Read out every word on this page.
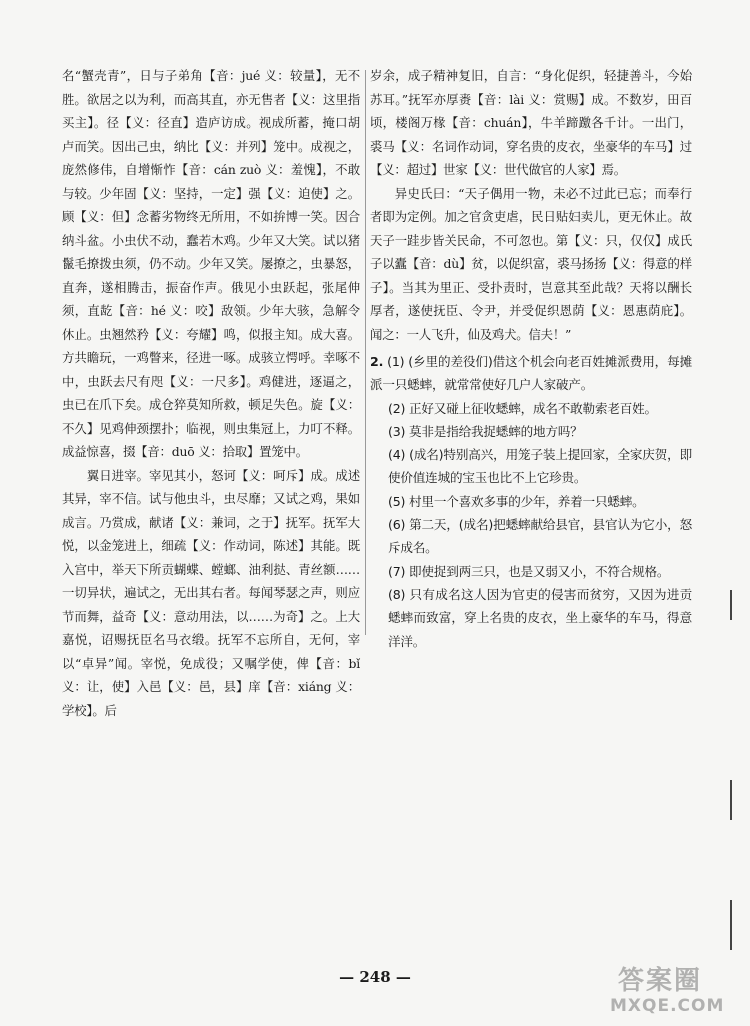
名“蟹壳青”，日与子弟角【音：jué 义：较量】，无不胜。欲居之以为利，而高其直，亦无售者【义：这里指买主】。径【义：径直】造庐访成。视成所蓄，掩口胡卢而笑。因出己虫，纳比【义：并列】笼中。成视之，庞然修伟，自增惭怍【音：cán zuò 义：羞愧】，不敢与较。少年固【义：坚持，一定】强【义：迫使】之。顾【义：但】念蓄劣物终无所用，不如拚博一笑。因合纳斗盆。小虫伏不动，蠢若木鸡。少年又大笑。试以猪鬣毛撩拨虫须，仍不动。少年又笑。屡撩之，虫暴怒，直奔，遂相腾击，振奋作声。俄见小虫跃起，张尾伸须，直龁【音：hé 义：咬】敌领。少年大骇，急解令休止。虫翘然矜【义：夸耀】鸣，似报主知。成大喜。方共瞻玩，一鸡瞥来，径进一啄。成骇立愕呼。幸啄不中，虫跃去尺有咫【义：一尺多】。鸡健进，逐逼之，虫已在爪下矣。成仓猝莫知所救，顿足失色。旋【义：不久】见鸡伸颈摆扑；临视，则虫集冠上，力叮不释。成益惊喜，掇【音：duō 义：拾取】置笼中。

翼日进宰。宰见其小，怒诃【义：呵斥】成。成述其异，宰不信。试与他虫斗，虫尽靡；又试之鸡，果如成言。乃赏成，献诸【义：兼词，之于】抚军。抚军大悦，以金笼进上，细疏【义：作动词，陈述】其能。既入宫中，举天下所贡蝴蝶、螳螂、油利挞、青丝额……一切异状，遍试之，无出其右者。每闻琴瑟之声，则应节而舞，益奇【义：意动用法，以……为奇】之。上大嘉悦，诏赐抚臣名马衣缎。抚军不忘所自，无何，宰以“卓异”闻。宰悦，免成役；又嘱学使，俾【音：bǐ 义：让，使】入邑【义：邑，县】庠【音：xiáng 义：学校】。后

岁余，成子精神复旧，自言：“身化促织，轻捷善斗，今始苏耳。”抚军亦厚赉【音：lài 义：赏赐】成。不数岁，田百顷，楼阁万椽【音：chuán】，牛羊蹄躈各千计。一出门，裘马【义：名词作动词，穿名贵的皮衣，坐豪华的车马】过【义：超过】世家【义：世代做官的人家】焉。

异史氏曰：“天子偶用一物，未必不过此已忘；而奉行者即为定例。加之官贪吏虐，民日贴妇卖儿，更无休止。故天子一跬步皆关民命，不可忽也。第【义：只，仅仅】成氏子以蠹【音：dù】贫，以促织富，裘马扬扬【义：得意的样子】。当其为里正、受扑责时，岂意其至此哉？天将以酬长厚者，遂使抚臣、令尹，并受促织恩荫【义：恩惠荫庇】。闻之：一人飞升，仙及鸡犬。信夫！”

2. (1) (乡里的差役们)借这个机会向老百姓摊派费用，每摊派一只蟋蟀，就常常使好几户人家破产。

(2) 正好又碰上征收蟋蟀，成名不敢勒索老百姓。

(3) 莫非是指给我捉蟋蟀的地方吗？

(4) (成名)特别高兴，用笼子装上提回家，全家庆贺，即使价值连城的宝玉也比不上它珍贵。

(5) 村里一个喜欢多事的少年，养着一只蟋蟀。

(6) 第二天，(成名)把蟋蟀献给县官，县官认为它小，怒斥成名。

(7) 即使捉到两三只，也是又弱又小，不符合规格。

(8) 只有成名这人因为官吏的侵害而贫穷，又因为进贡蟋蟀而致富，穿上名贵的皮衣，坐上豪华的车马，得意洋洋。

— 248 —	答案圈
MXQE.COM
